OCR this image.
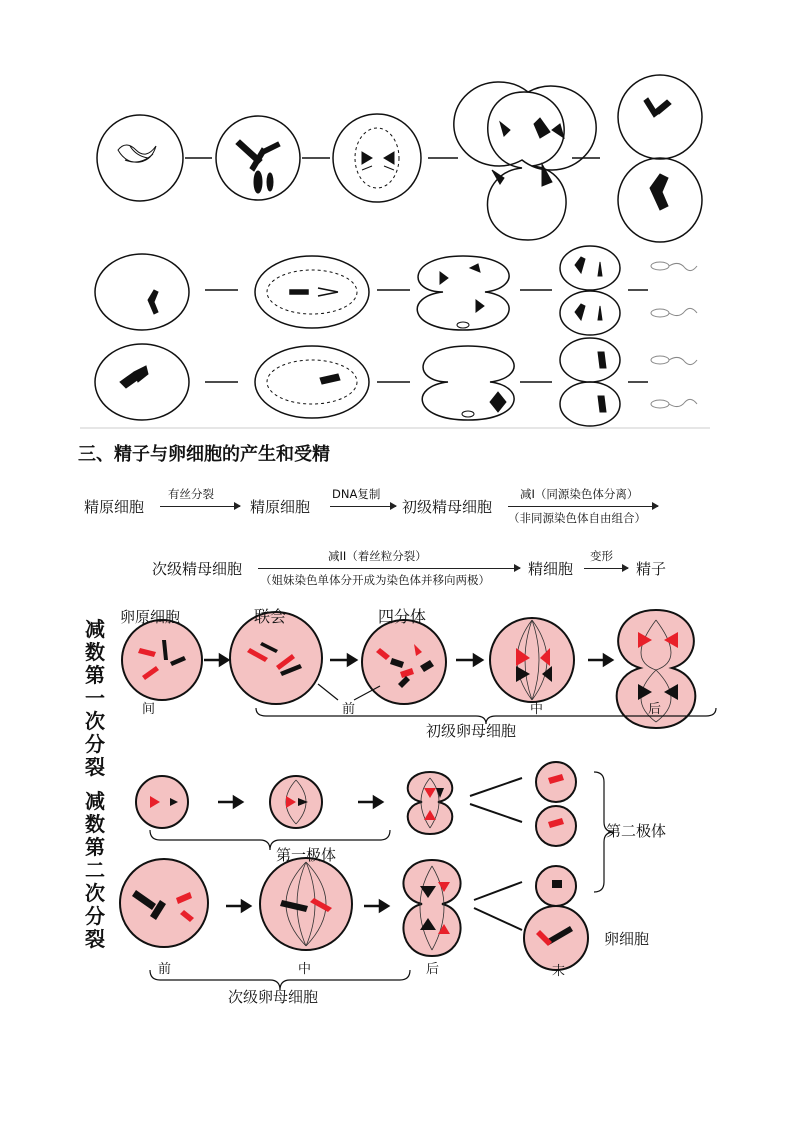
三、精子与卵细胞的产生和受精
精原细胞
有丝分裂
精原细胞
DNA复制
初级精母细胞
减I（同源染色体分离）
（非同源染色体自由组合）
次级精母细胞
减II（着丝粒分裂）
（姐妹染色单体分开成为染色体并移向两极）
精细胞
变形
精子
减数第一次分裂
减数第二次分裂
卵原细胞	联会	四分体
间	前	中	后
初级卵母细胞
第一极体
第二极体
卵细胞
前	中	后	末
次级卵母细胞
